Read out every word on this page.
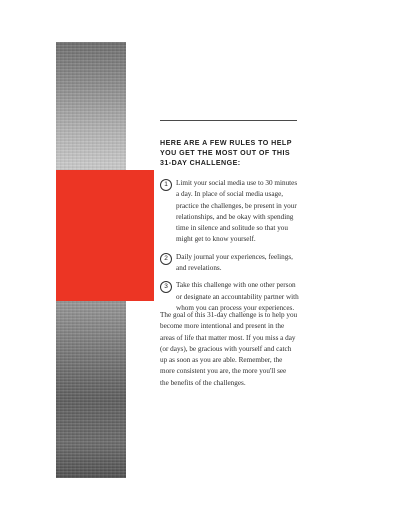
HERE ARE A FEW RULES TO HELP
YOU GET THE MOST OUT OF THIS
31-DAY CHALLENGE:
1	Limit your social media use to 30 minutes
a day. In place of social media usage,
practice the challenges, be present in your
relationships, and be okay with spending
time in silence and solitude so that you
might get to know yourself.
2	Daily journal your experiences, feelings,
and revelations.
3	Take this challenge with one other person
or designate an accountability partner with
whom you can process your experiences.

The goal of this 31-day challenge is to help you
become more intentional and present in the
areas of life that matter most. If you miss a day
(or days), be gracious with yourself and catch
up as soon as you are able. Remember, the
more consistent you are, the more you'll see
the benefits of the challenges.
